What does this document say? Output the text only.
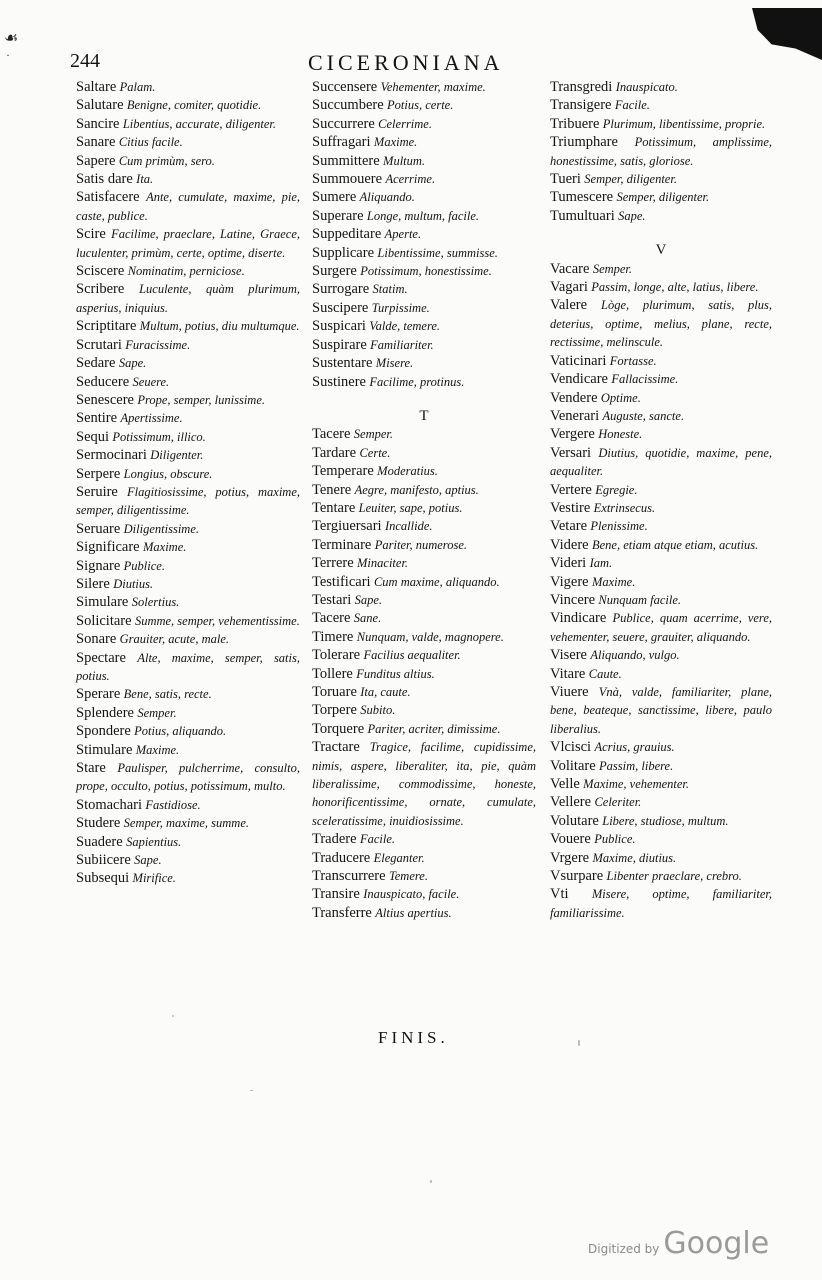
☙
·	244	CICERONIANA
Saltare Palam.
Salutare Benigne, comiter, quotidie.
Sancire Libentius, accurate, diligenter.
Sanare Citius facile.
Sapere Cum primùm, sero.
Satis dare Ita.
Satisfacere Ante, cumulate, maxime, pie, caste, publice.
Scire Facilime, praeclare, Latine, Graece, luculenter, primùm, certe, optime, diserte.
Sciscere Nominatim, perniciose.
Scribere Luculente, quàm plurimum, asperius, iniquius.
Scriptitare Multum, potius, diu multumque.
Scrutari Furacissime.
Sedare Sape.
Seducere Seuere.
Senescere Prope, semper, lunissime.
Sentire Apertissime.
Sequi Potissimum, illico.
Sermocinari Diligenter.
Serpere Longius, obscure.
Seruire Flagitiosissime, potius, maxime, semper, diligentissime.
Seruare Diligentissime.
Significare Maxime.
Signare Publice.
Silere Diutius.
Simulare Solertius.
Solicitare Summe, semper, vehementissime.
Sonare Grauiter, acute, male.
Spectare Alte, maxime, semper, satis, potius.
Sperare Bene, satis, recte.
Splendere Semper.
Spondere Potius, aliquando.
Stimulare Maxime.
Stare Paulisper, pulcherrime, consulto, prope, occulto, potius, potissimum, multo.
Stomachari Fastidiose.
Studere Semper, maxime, summe.
Suadere Sapientius.
Subiicere Sape.
Subsequi Mirifice.
Succensere Vehementer, maxime.
Succumbere Potius, certe.
Succurrere Celerrime.
Suffragari Maxime.
Summittere Multum.
Summouere Acerrime.
Sumere Aliquando.
Superare Longe, multum, facile.
Suppeditare Aperte.
Supplicare Libentissime, summisse.
Surgere Potissimum, honestissime.
Surrogare Statim.
Suscipere Turpissime.
Suspicari Valde, temere.
Suspirare Familiariter.
Sustentare Misere.
Sustinere Facilime, protinus.
T
Tacere Semper.
Tardare Certe.
Temperare Moderatius.
Tenere Aegre, manifesto, aptius.
Tentare Leuiter, sape, potius.
Tergiuersari Incallide.
Terminare Pariter, numerose.
Terrere Minaciter.
Testificari Cum maxime, aliquando.
Testari Sape.
Tacere Sane.
Timere Nunquam, valde, magnopere.
Tolerare Facilius aequaliter.
Tollere Funditus altius.
Toruare Ita, caute.
Torpere Subito.
Torquere Pariter, acriter, dimissime.
Tractare Tragice, facilime, cupidissime, nimis, aspere, liberaliter, ita, pie, quàm liberalissime, commodissime, honeste, honorificentissime, ornate, cumulate, sceleratissime, inuidiosissime.
Tradere Facile.
Traducere Eleganter.
Transcurrere Temere.
Transire Inauspicato, facile.
Transferre Altius apertius.
Transgredi Inauspicato.
Transigere Facile.
Tribuere Plurimum, libentissime, proprie.
Triumphare Potissimum, amplissime, honestissime, satis, gloriose.
Tueri Semper, diligenter.
Tumescere Semper, diligenter.
Tumultuari Sape.
V
Vacare Semper.
Vagari Passim, longe, alte, latius, libere.
Valere Lòge, plurimum, satis, plus, deterius, optime, melius, plane, recte, rectissime, melinscule.
Vaticinari Fortasse.
Vendicare Fallacissime.
Vendere Optime.
Venerari Auguste, sancte.
Vergere Honeste.
Versari Diutius, quotidie, maxime, pene, aequaliter.
Vertere Egregie.
Vestire Extrinsecus.
Vetare Plenissime.
Videre Bene, etiam atque etiam, acutius.
Videri Iam.
Vigere Maxime.
Vincere Nunquam facile.
Vindicare Publice, quam acerrime, vere, vehementer, seuere, grauiter, aliquando.
Visere Aliquando, vulgo.
Vitare Caute.
Viuere Vnà, valde, familiariter, plane, bene, beateque, sanctissime, libere, paulo liberalius.
Vlcisci Acrius, grauius.
Volitare Passim, libere.
Velle Maxime, vehementer.
Vellere Celeriter.
Volutare Libere, studiose, multum.
Vouere Publice.
Vrgere Maxime, diutius.
Vsurpare Libenter praeclare, crebro.
Vti Misere, optime, familiariter, familiarissime.
FINIS.
Digitized by Google
